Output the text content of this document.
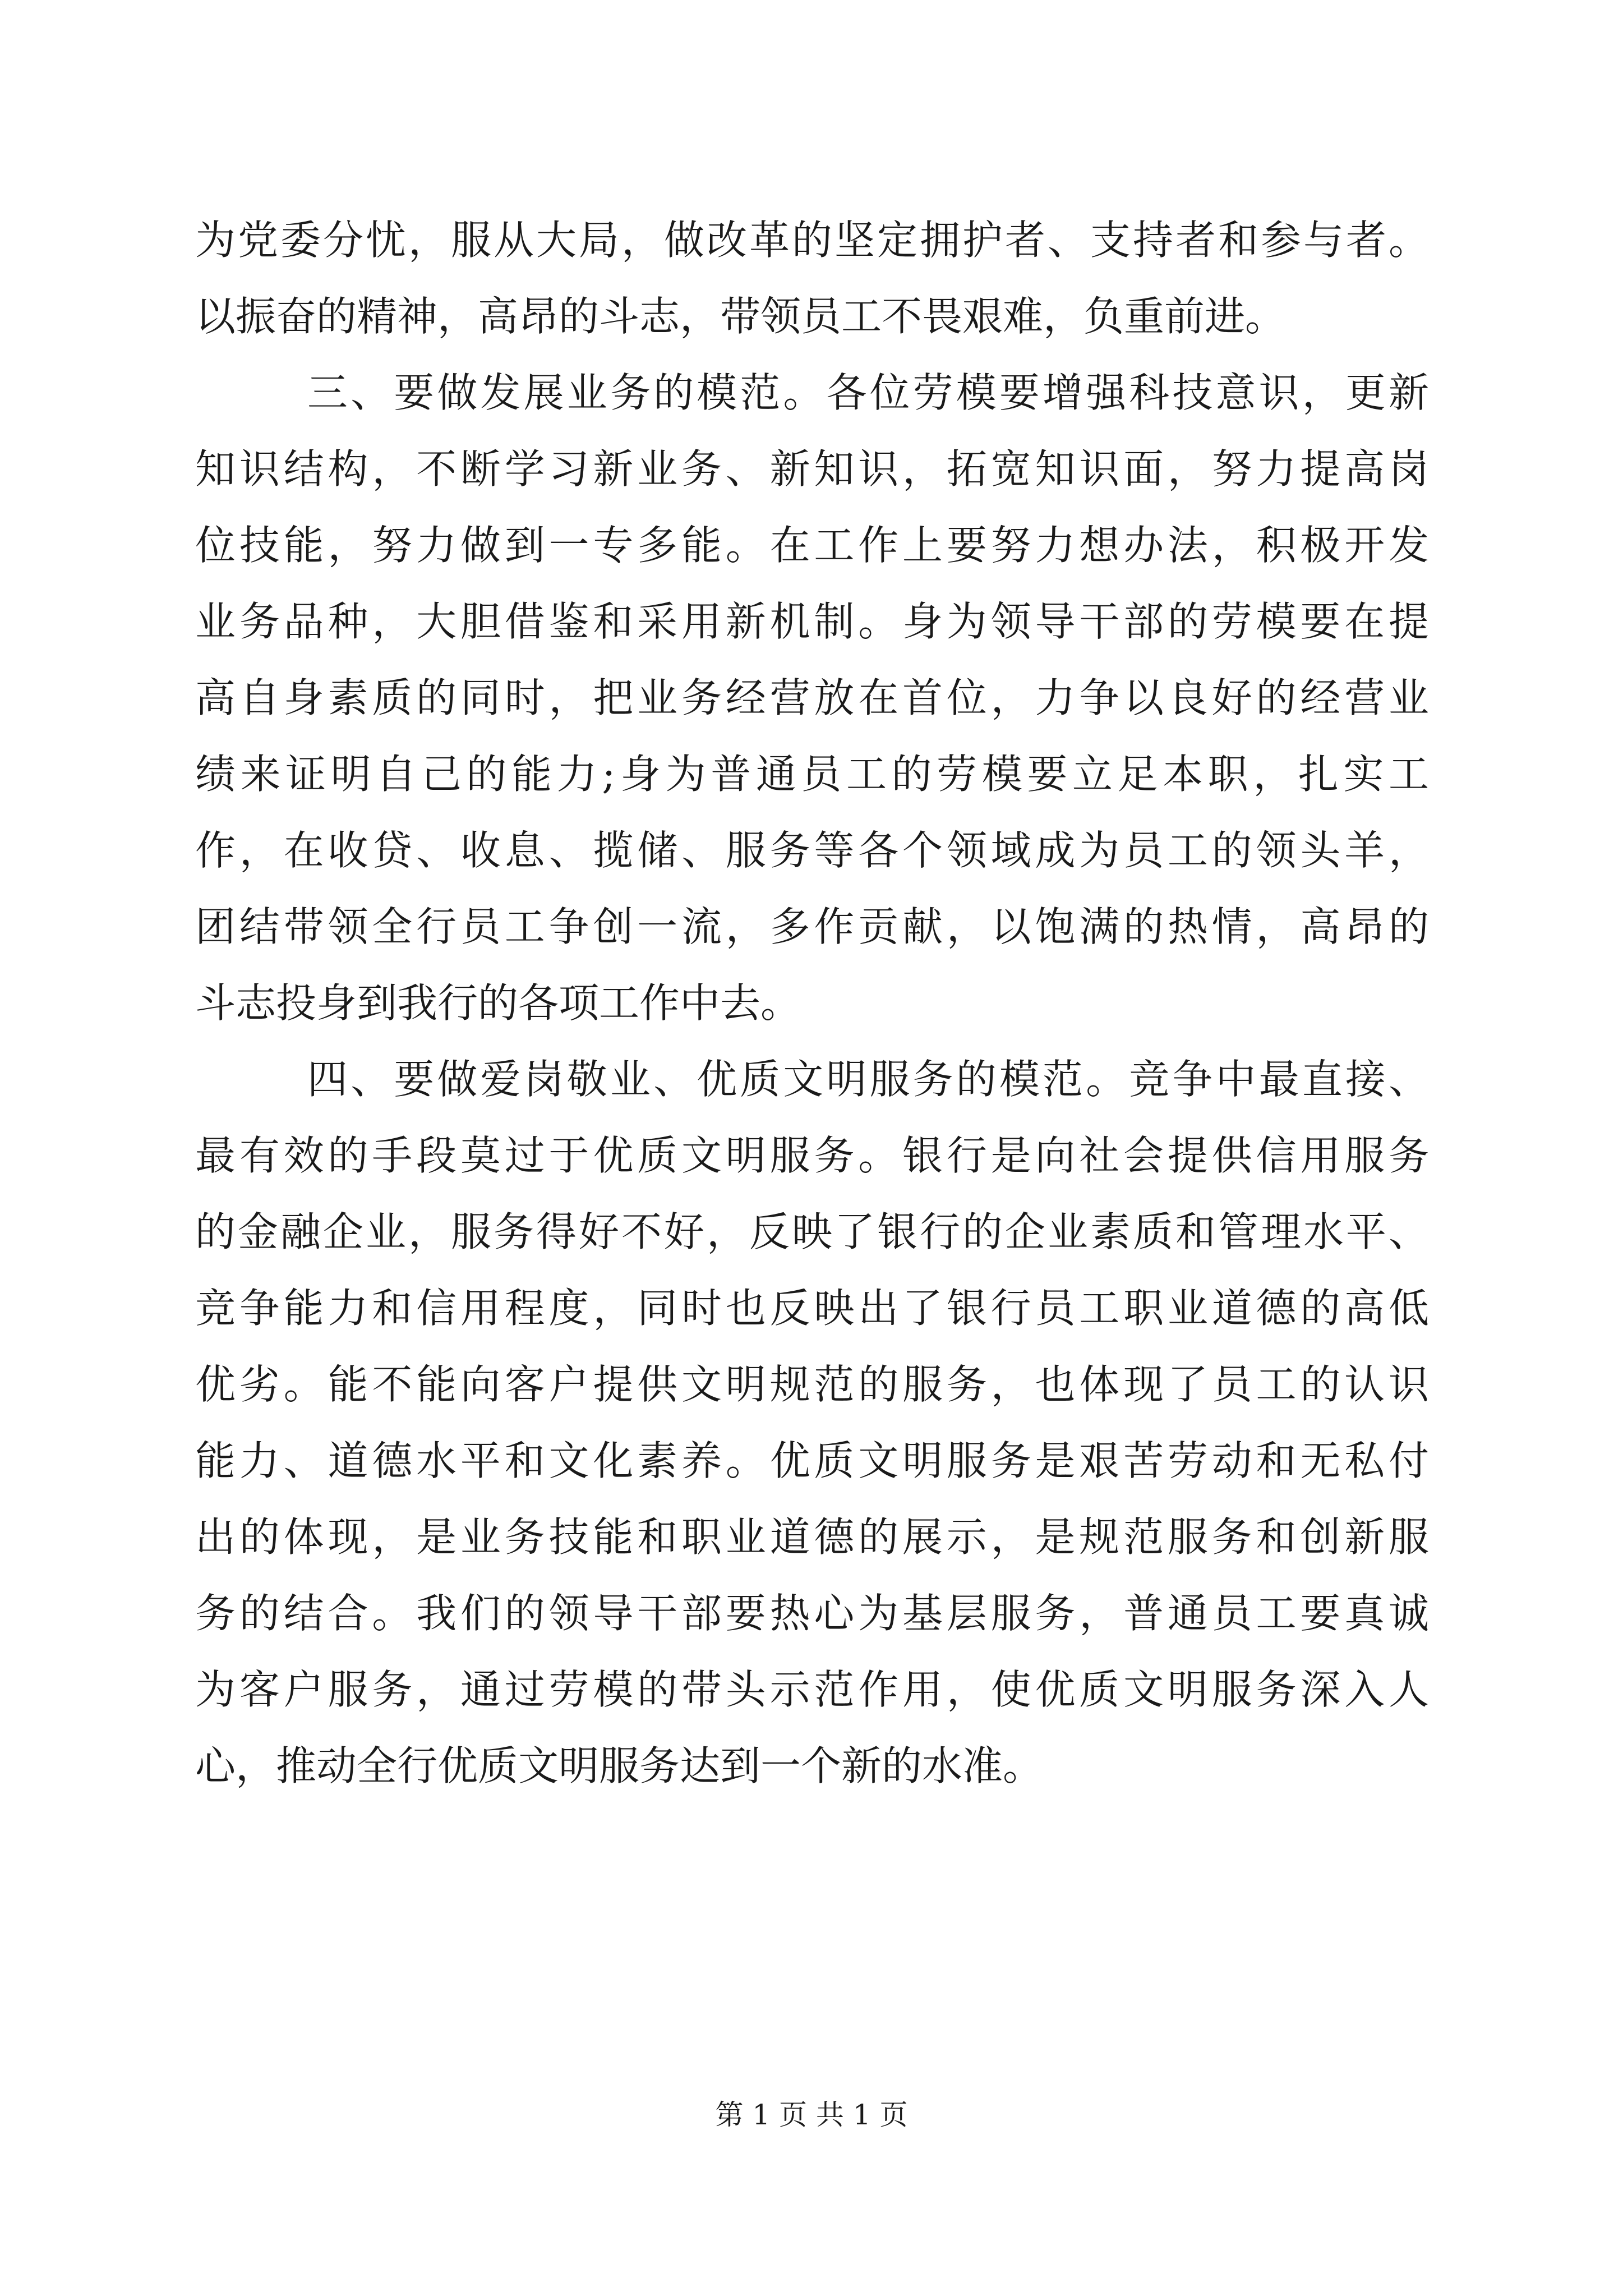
为党委分忧，服从大局，做改革的坚定拥护者、支持者和参与者。
以振奋的精神，高昂的斗志，带领员工不畏艰难，负重前进。
三、要做发展业务的模范。各位劳模要增强科技意识，更新
知识结构，不断学习新业务、新知识，拓宽知识面，努力提高岗
位技能，努力做到一专多能。在工作上要努力想办法，积极开发
业务品种，大胆借鉴和采用新机制。身为领导干部的劳模要在提
高自身素质的同时，把业务经营放在首位，力争以良好的经营业
绩来证明自己的能力;身为普通员工的劳模要立足本职，扎实工
作，在收贷、收息、揽储、服务等各个领域成为员工的领头羊，
团结带领全行员工争创一流，多作贡献，以饱满的热情，高昂的
斗志投身到我行的各项工作中去。
四、要做爱岗敬业、优质文明服务的模范。竞争中最直接、
最有效的手段莫过于优质文明服务。银行是向社会提供信用服务
的金融企业，服务得好不好，反映了银行的企业素质和管理水平、
竞争能力和信用程度，同时也反映出了银行员工职业道德的高低
优劣。能不能向客户提供文明规范的服务，也体现了员工的认识
能力、道德水平和文化素养。优质文明服务是艰苦劳动和无私付
出的体现，是业务技能和职业道德的展示，是规范服务和创新服
务的结合。我们的领导干部要热心为基层服务，普通员工要真诚
为客户服务，通过劳模的带头示范作用，使优质文明服务深入人
心，推动全行优质文明服务达到一个新的水准。
第 1 页 共 1 页
